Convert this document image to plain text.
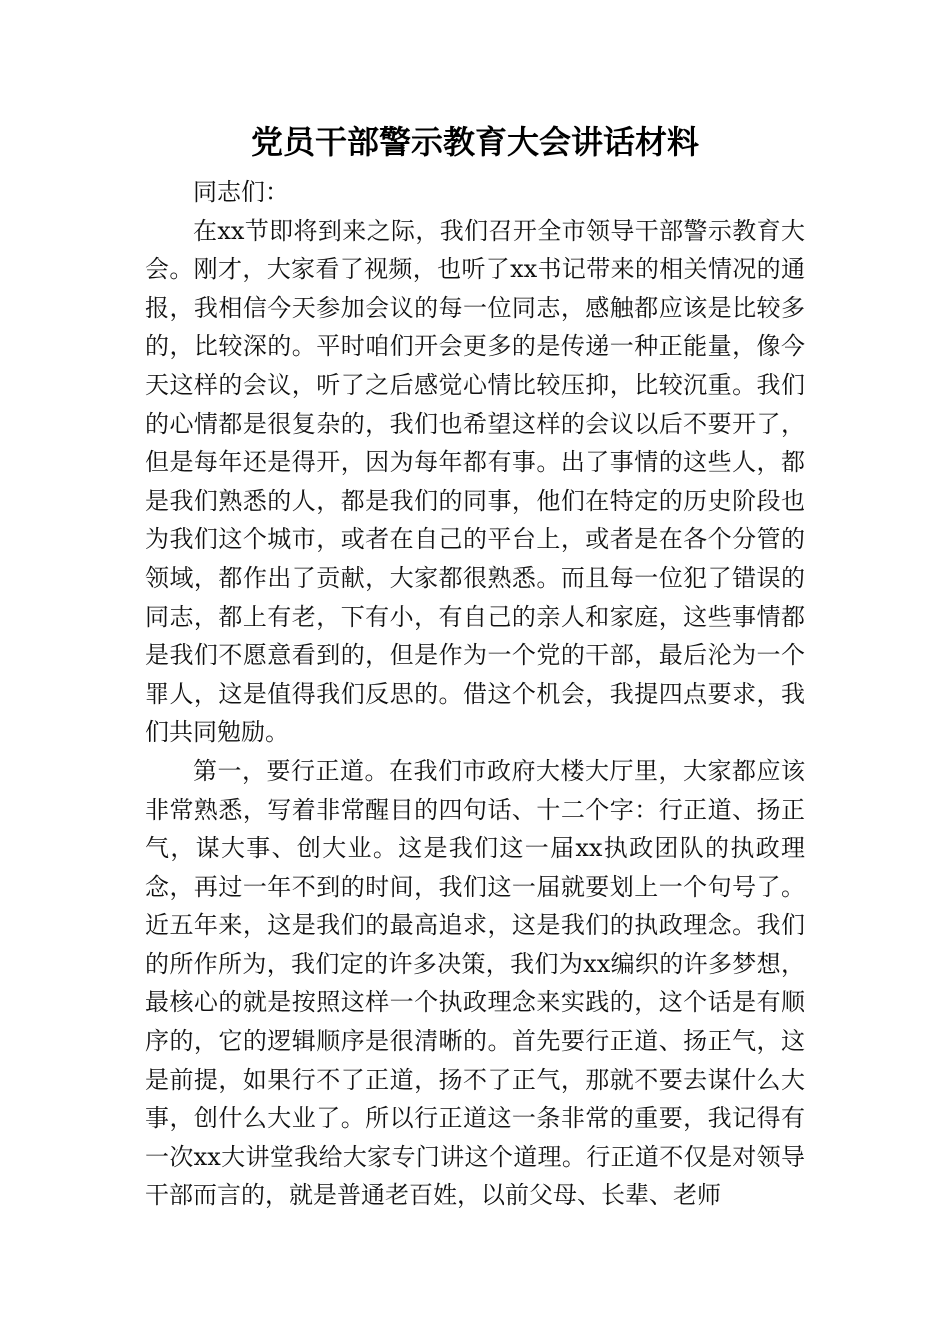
党员干部警示教育大会讲话材料

同志们：

在xx节即将到来之际，我们召开全市领导干部警示教育大会。刚才，大家看了视频，也听了xx书记带来的相关情况的通报，我相信今天参加会议的每一位同志，感触都应该是比较多的，比较深的。平时咱们开会更多的是传递一种正能量，像今天这样的会议，听了之后感觉心情比较压抑，比较沉重。我们的心情都是很复杂的，我们也希望这样的会议以后不要开了，但是每年还是得开，因为每年都有事。出了事情的这些人，都是我们熟悉的人，都是我们的同事，他们在特定的历史阶段也为我们这个城市，或者在自己的平台上，或者是在各个分管的领域，都作出了贡献，大家都很熟悉。而且每一位犯了错误的同志，都上有老，下有小，有自己的亲人和家庭，这些事情都是我们不愿意看到的，但是作为一个党的干部，最后沦为一个罪人，这是值得我们反思的。借这个机会，我提四点要求，我们共同勉励。

第一，要行正道。在我们市政府大楼大厅里，大家都应该非常熟悉，写着非常醒目的四句话、十二个字：行正道、扬正气，谋大事、创大业。这是我们这一届xx执政团队的执政理念，再过一年不到的时间，我们这一届就要划上一个句号了。近五年来，这是我们的最高追求，这是我们的执政理念。我们的所作所为，我们定的许多决策，我们为xx编织的许多梦想，最核心的就是按照这样一个执政理念来实践的，这个话是有顺序的，它的逻辑顺序是很清晰的。首先要行正道、扬正气，这是前提，如果行不了正道，扬不了正气，那就不要去谋什么大事，创什么大业了。所以行正道这一条非常的重要，我记得有一次xx大讲堂我给大家专门讲这个道理。行正道不仅是对领导干部而言的，就是普通老百姓，以前父母、长辈、老师
